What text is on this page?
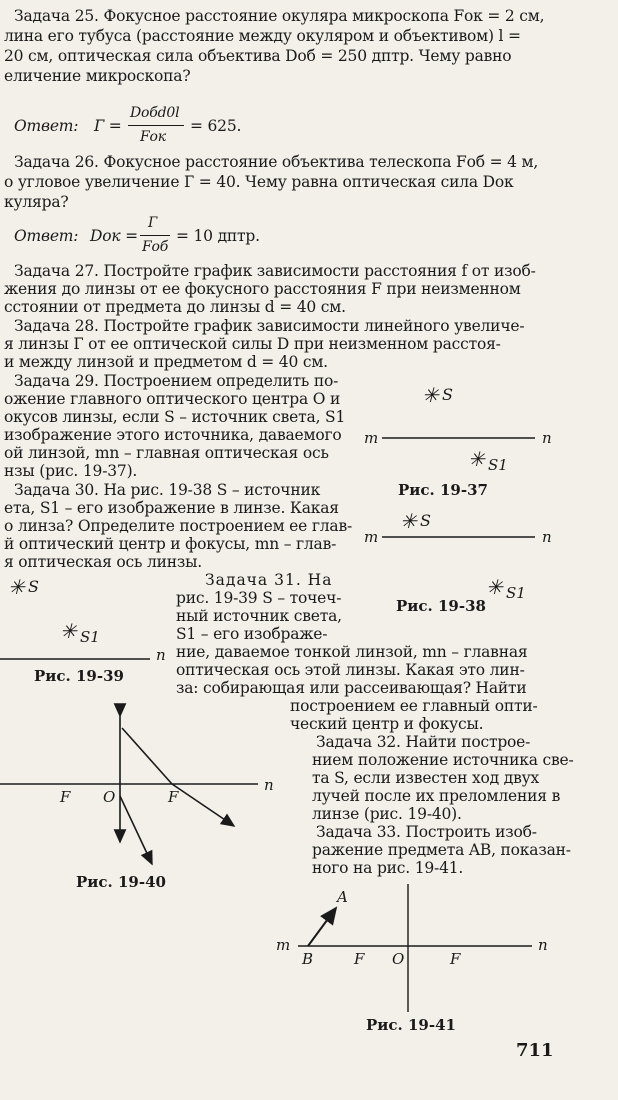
Задача 25. Фокусное расстояние окуляра микроскопа Fок = 2 см,
лина его тубуса (расстояние между окуляром и объективом) l =
20 см, оптическая сила объектива Dоб = 250 дптр. Чему равно
еличение микроскопа?
Ответ: Г =
Dобd0l
Fок
= 625.
Задача 26. Фокусное расстояние объектива телескопа Fоб = 4 м,
о угловое увеличение Г = 40. Чему равна оптическая сила Dок
куляра?
Ответ: Dок =
Г
Fоб
= 10 дптр.
Задача 27. Постройте график зависимости расстояния f от изоб-
жения до линзы от ее фокусного расстояния F при неизменном
сстоянии от предмета до линзы d = 40 см.
Задача 28. Постройте график зависимости линейного увеличе-
я линзы Г от ее оптической силы D при неизменном расстоя-
и между линзой и предметом d = 40 см.
Задача 29. Построением определить по-
ожение главного оптического центра O и
окусов линзы, если S – источник света, S1
изображение этого источника, даваемого
ой линзой, mn – главная оптическая ось
нзы (рис. 19-37).
Задача 30. На рис. 19-38 S – источник
ета, S1 – его изображение в линзе. Какая
о линза? Определите построением ее глав-
й оптический центр и фокусы, mn – глав-
я оптическая ось линзы.
Задача 31. На
рис. 19-39 S – точеч-
ный источник света,
S1 – его изображе-
ние, даваемое тонкой линзой, mn – главная
оптическая ось этой линзы. Какая это лин-
за: собирающая или рассеивающая? Найти
построением ее главный опти-
ческий центр и фокусы.
Задача 32. Найти построе-
нием положение источника све-
та S, если известен ход двух
лучей после их преломления в
линзе (рис. 19-40).
Задача 33. Построить изоб-
ражение предмета AB, показан-
ного на рис. 19-41.
✳ S
m	n
✳ S1
Рис. 19-37
✳ S
m	n
✳ S1
Рис. 19-38
✳ S
✳ S1
n
Рис. 19-39
F O	F
n
Рис. 19-40
A
m
B	F O	F
n
Рис. 19-41
711
